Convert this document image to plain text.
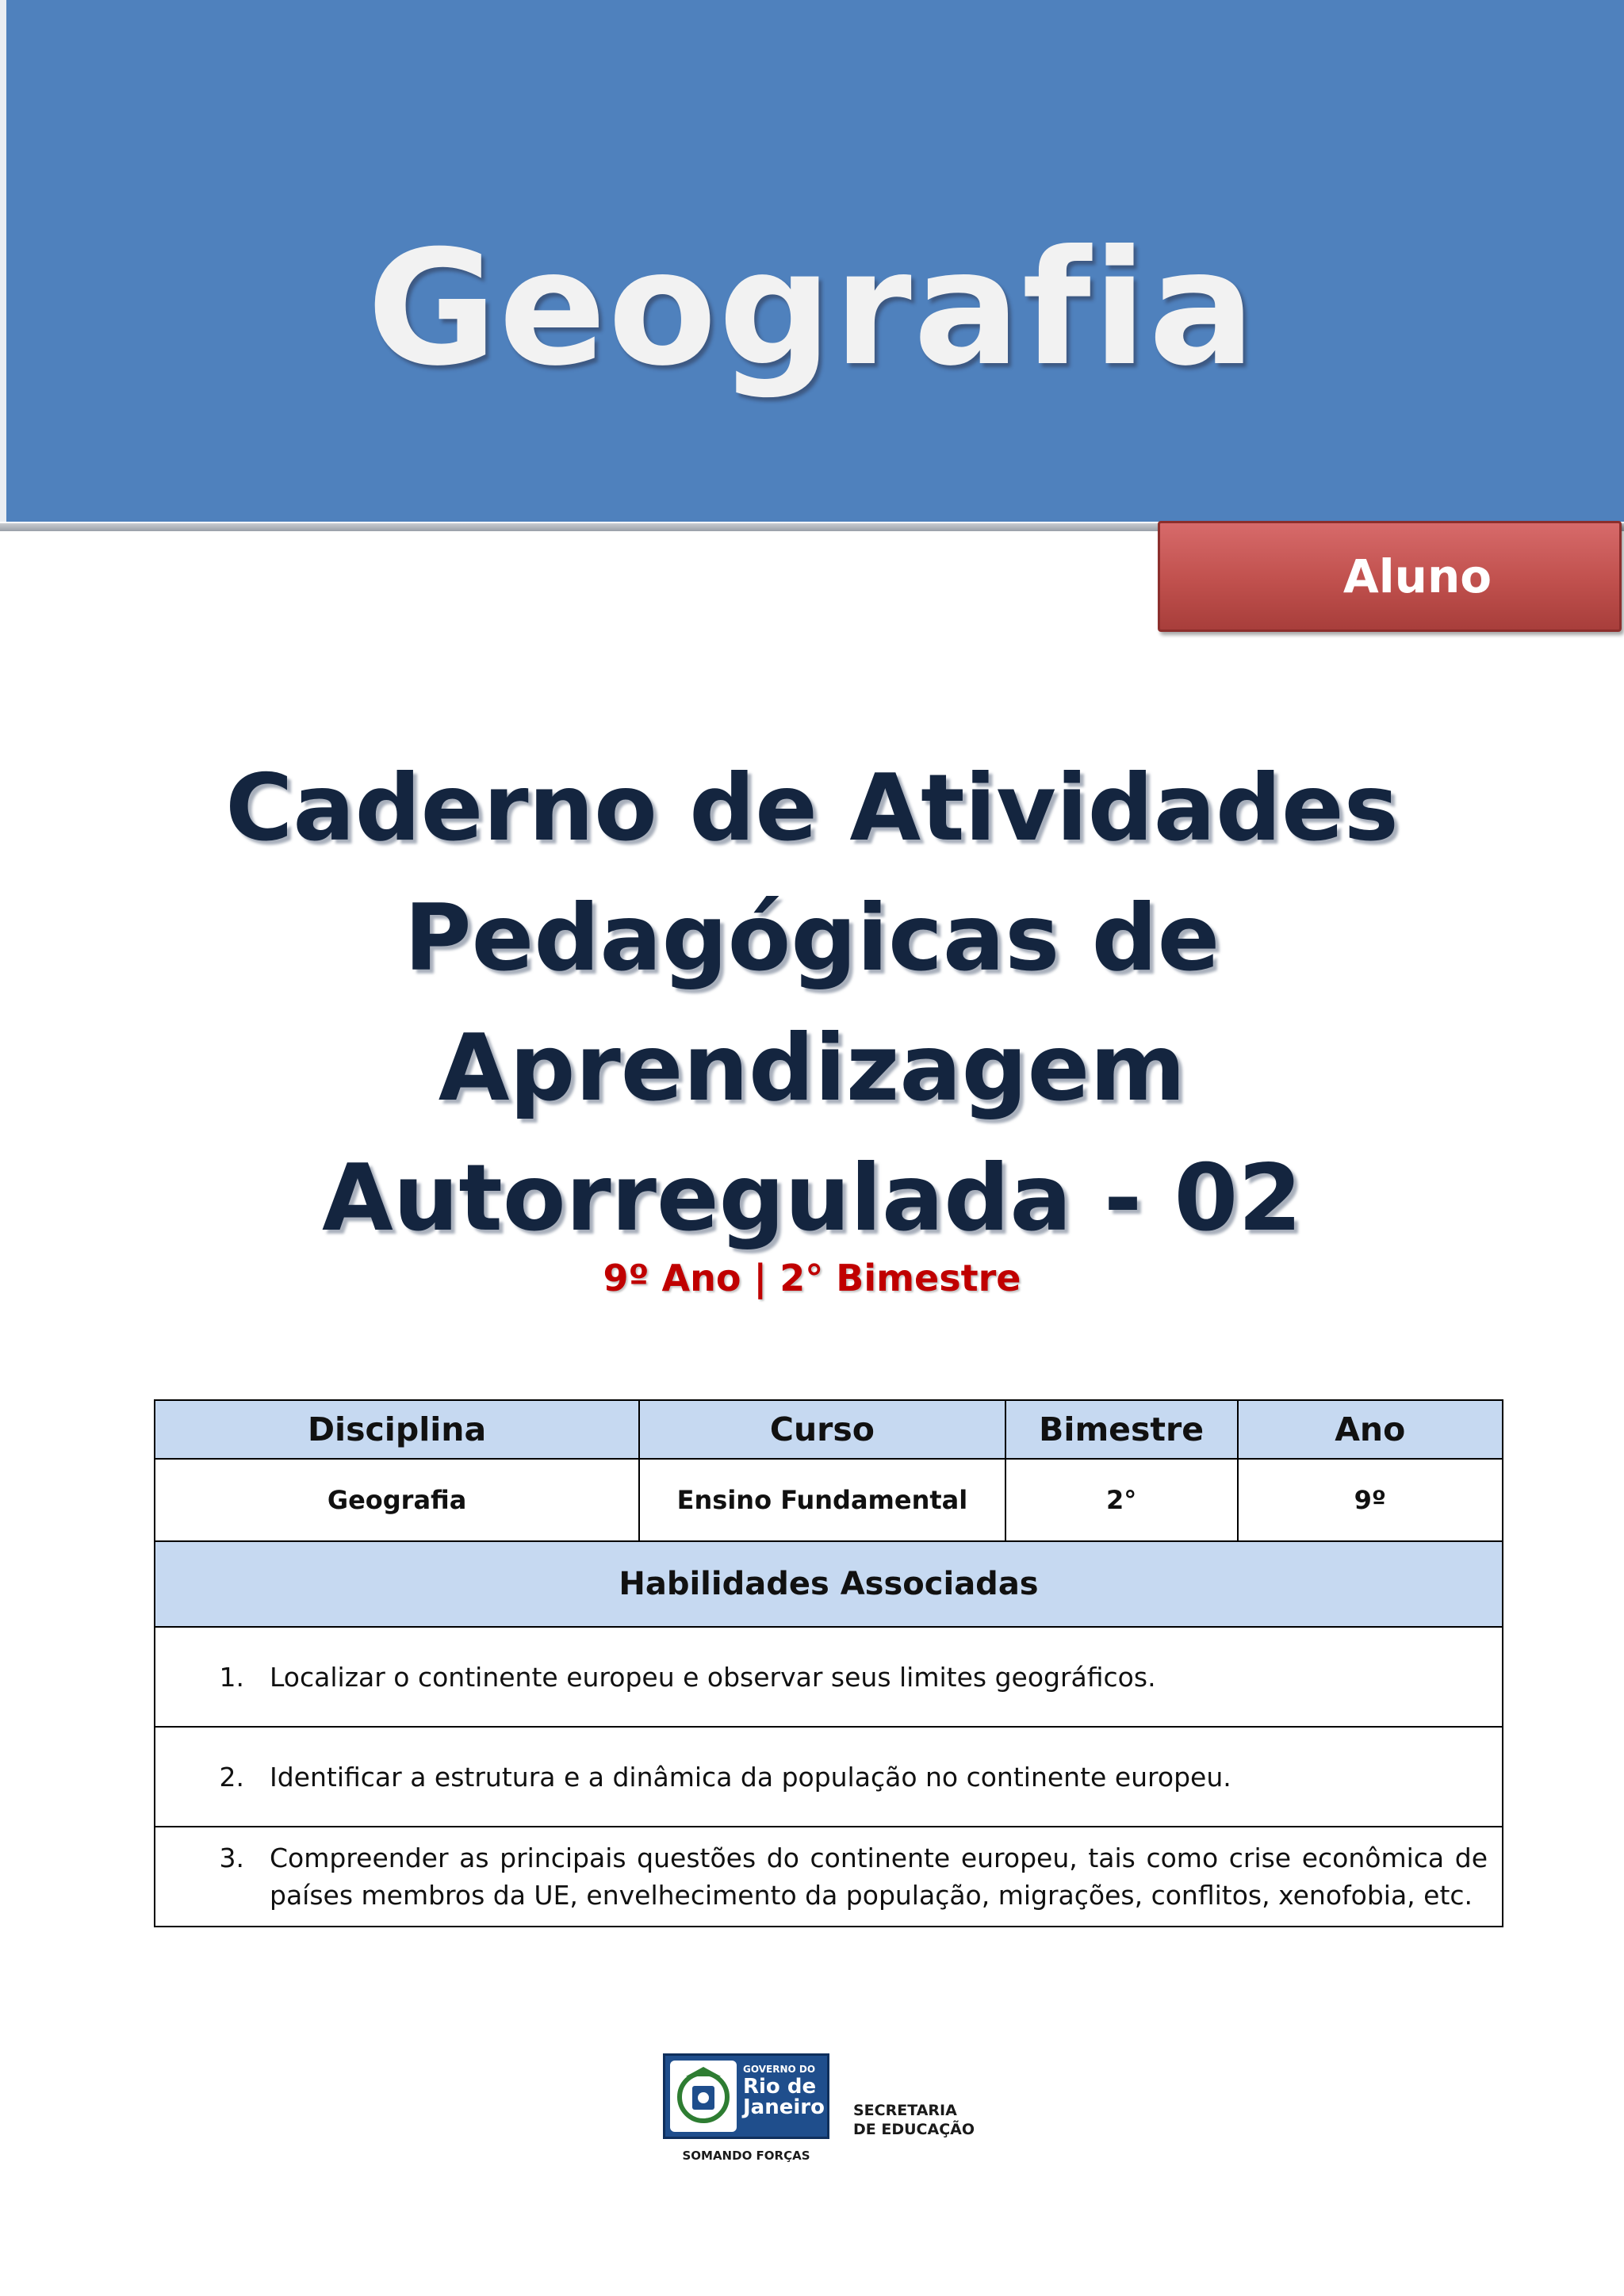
Geografia
Aluno
Caderno de Atividades
Pedagógicas de
Aprendizagem
Autorregulada - 02
9º Ano | 2° Bimestre
Disciplina	Curso	Bimestre	Ano
Geografia	Ensino Fundamental	2°	9º
Habilidades Associadas			

1. Localizar o continente europeu e observar seus limites geográficos.			

2. Identificar a estrutura e a dinâmica da população no continente europeu.			

3. Compreender as principais questões do continente europeu, tais como crise econômica de países membros da UE, envelhecimento da população, migrações, conflitos, xenofobia, etc.			
GOVERNO DO
Rio de Janeiro
SOMANDO FORÇAS
SECRETARIA
DE EDUCAÇÃO
